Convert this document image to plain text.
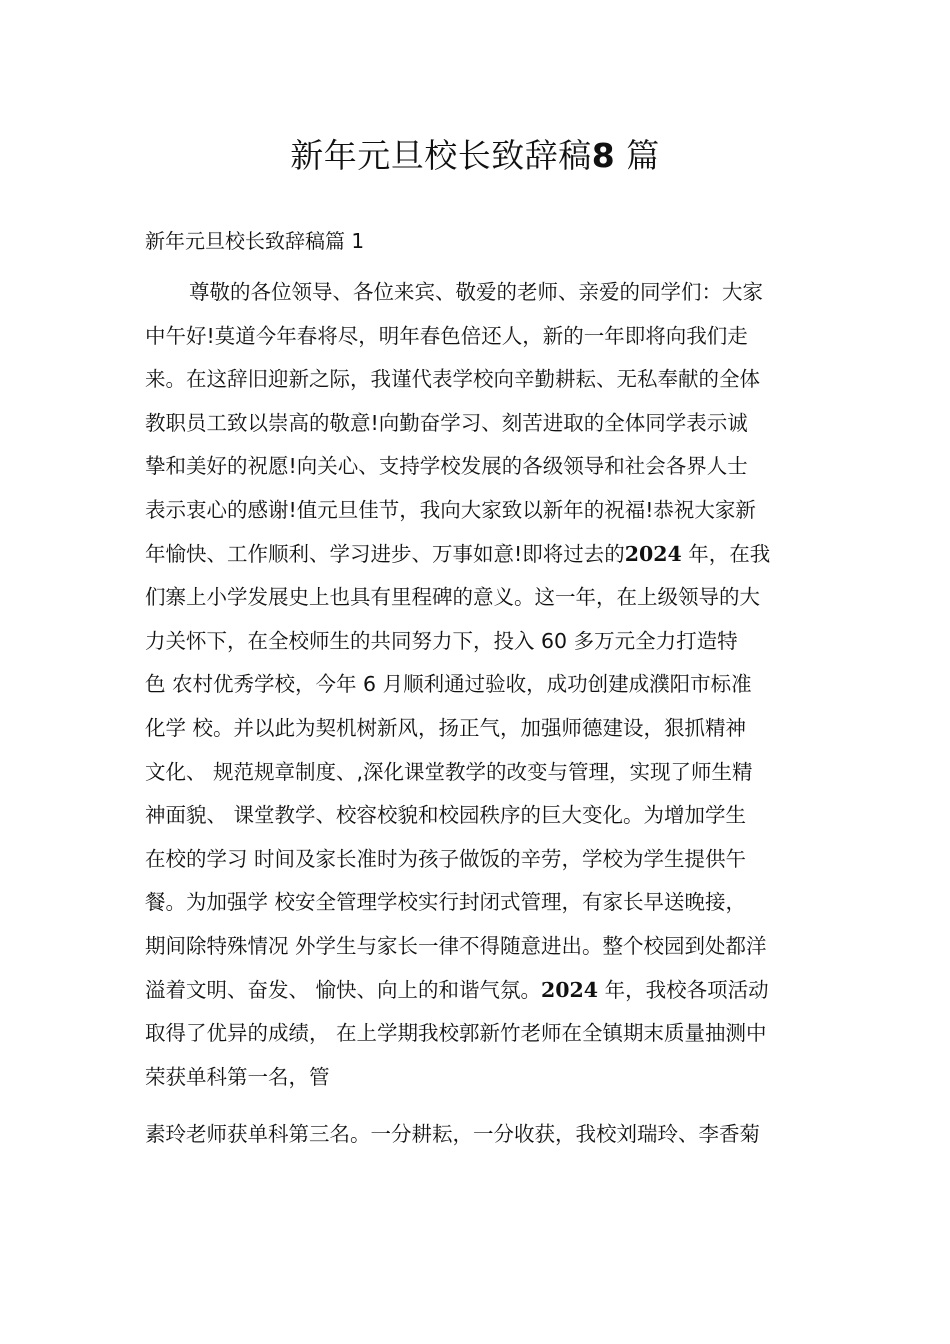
新年元旦校长致辞稿8 篇
新年元旦校长致辞稿篇 1
尊敬的各位领导、各位来宾、敬爱的老师、亲爱的同学们：大家
中午好!莫道今年春将尽，明年春色倍还人，新的一年即将向我们走
来。在这辞旧迎新之际，我谨代表学校向辛勤耕耘、无私奉献的全体
教职员工致以崇高的敬意!向勤奋学习、刻苦进取的全体同学表示诚
挚和美好的祝愿!向关心、支持学校发展的各级领导和社会各界人士
表示衷心的感谢!值元旦佳节，我向大家致以新年的祝福!恭祝大家新
年愉快、工作顺利、学习进步、万事如意!即将过去的2024 年，在我
们寨上小学发展史上也具有里程碑的意义。这一年，在上级领导的大
力关怀下，在全校师生的共同努力下，投入 60 多万元全力打造特
色 农村优秀学校，今年 6 月顺利通过验收，成功创建成濮阳市标准
化学 校。并以此为契机树新风，扬正气，加强师德建设，狠抓精神
文化、 规范规章制度、,深化课堂教学的改变与管理，实现了师生精
神面貌、 课堂教学、校容校貌和校园秩序的巨大变化。为增加学生
在校的学习 时间及家长准时为孩子做饭的辛劳，学校为学生提供午
餐。为加强学 校安全管理学校实行封闭式管理，有家长早送晚接，
期间除特殊情况 外学生与家长一律不得随意进出。整个校园到处都洋
溢着文明、奋发、 愉快、向上的和谐气氛。2024 年，我校各项活动
取得了优异的成绩， 在上学期我校郭新竹老师在全镇期末质量抽测中
荣获单科第一名，管
素玲老师获单科第三名。一分耕耘，一分收获，我校刘瑞玲、李香菊
